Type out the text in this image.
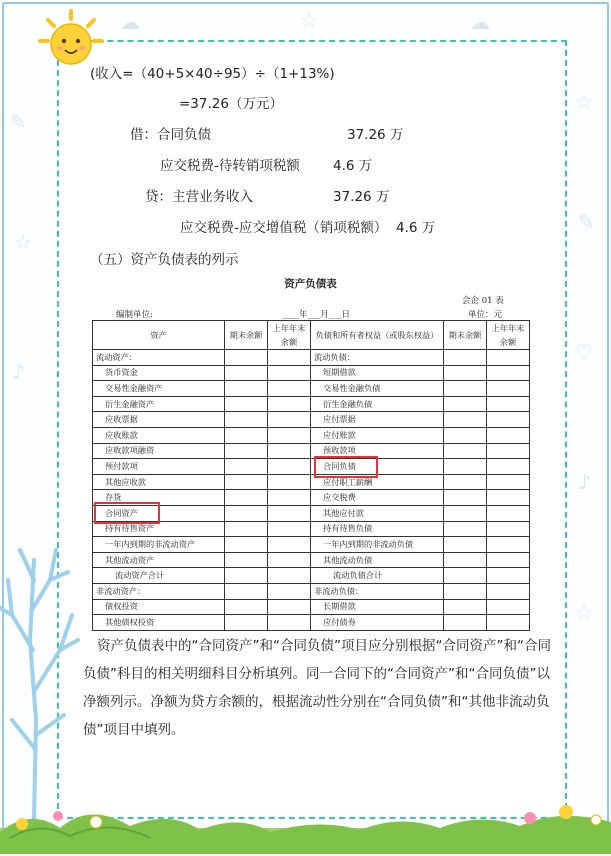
✎
☆
♪
☆
✎
♡
♪
☆
☁	☆	☁
(收入=（40+5×40÷95）÷（1+13%)
=37.26（万元）
借：合同负债	37.26 万
应交税费-待转销项税额 4.6 万
贷：主营业务收入	37.26 万
应交税费-应交增值税（销项税额） 4.6 万
（五）资产负债表的列示
资产负债表
会企 01 表
编制单位:	____年___月___日	单位：元
资产	期末余额	上年年末余额	负债和所有者权益（或股东权益）	期末余额	上年年末余额

流动资产：			流动负债：		
货币资金			短期借款		
交易性金融资产			交易性金融负债		
衍生金融资产			衍生金融负债		
应收票据			应付票据		
应收账款			应付账款		
应收款项融资			预收款项		
预付款项			合同负债		
其他应收款			应付职工薪酬		
存货			应交税费		
合同资产			其他应付款		
持有待售资产			持有待售负债		
一年内到期的非流动资产			一年内到期的非流动负债		
其他流动资产			其他流动负债		
流动资产合计			流动负债合计		
非流动资产：			非流动负债：		
债权投资			长期借款		
其他债权投资			应付债券		
资产负债表中的“合同资产”和“合同负债”项目应分别根据“合同资产”和“合同负债”科目的相关明细科目分析填列。同一合同下的“合同资产”和“合同负债”以净额列示。净额为贷方余额的，根据流动性分别在“合同负债”和“其他非流动负债”项目中填列。
